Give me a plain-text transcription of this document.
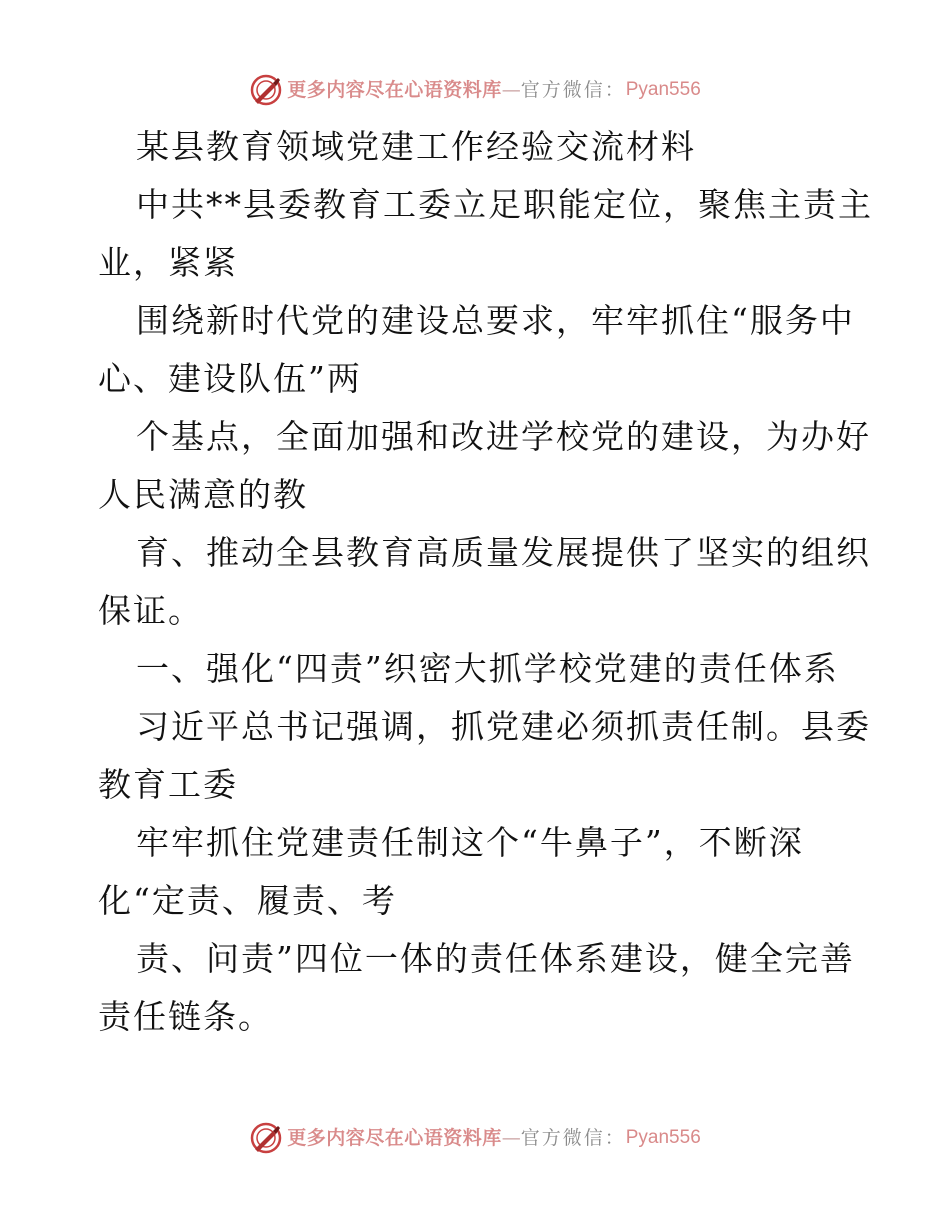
更多内容尽在心语资料库 — 官方微信： Pyan556
某县教育领域党建工作经验交流材料
中共**县委教育工委立足职能定位，聚焦主责主
业，紧紧
围绕新时代党的建设总要求，牢牢抓住“服务中
心、建设队伍”两
个基点，全面加强和改进学校党的建设，为办好
人民满意的教
育、推动全县教育高质量发展提供了坚实的组织
保证。
一、强化“四责”织密大抓学校党建的责任体系
习近平总书记强调，抓党建必须抓责任制。县委
教育工委
牢牢抓住党建责任制这个“牛鼻子”，不断深
化“定责、履责、考
责、问责”四位一体的责任体系建设，健全完善
责任链条。
更多内容尽在心语资料库 — 官方微信： Pyan556
